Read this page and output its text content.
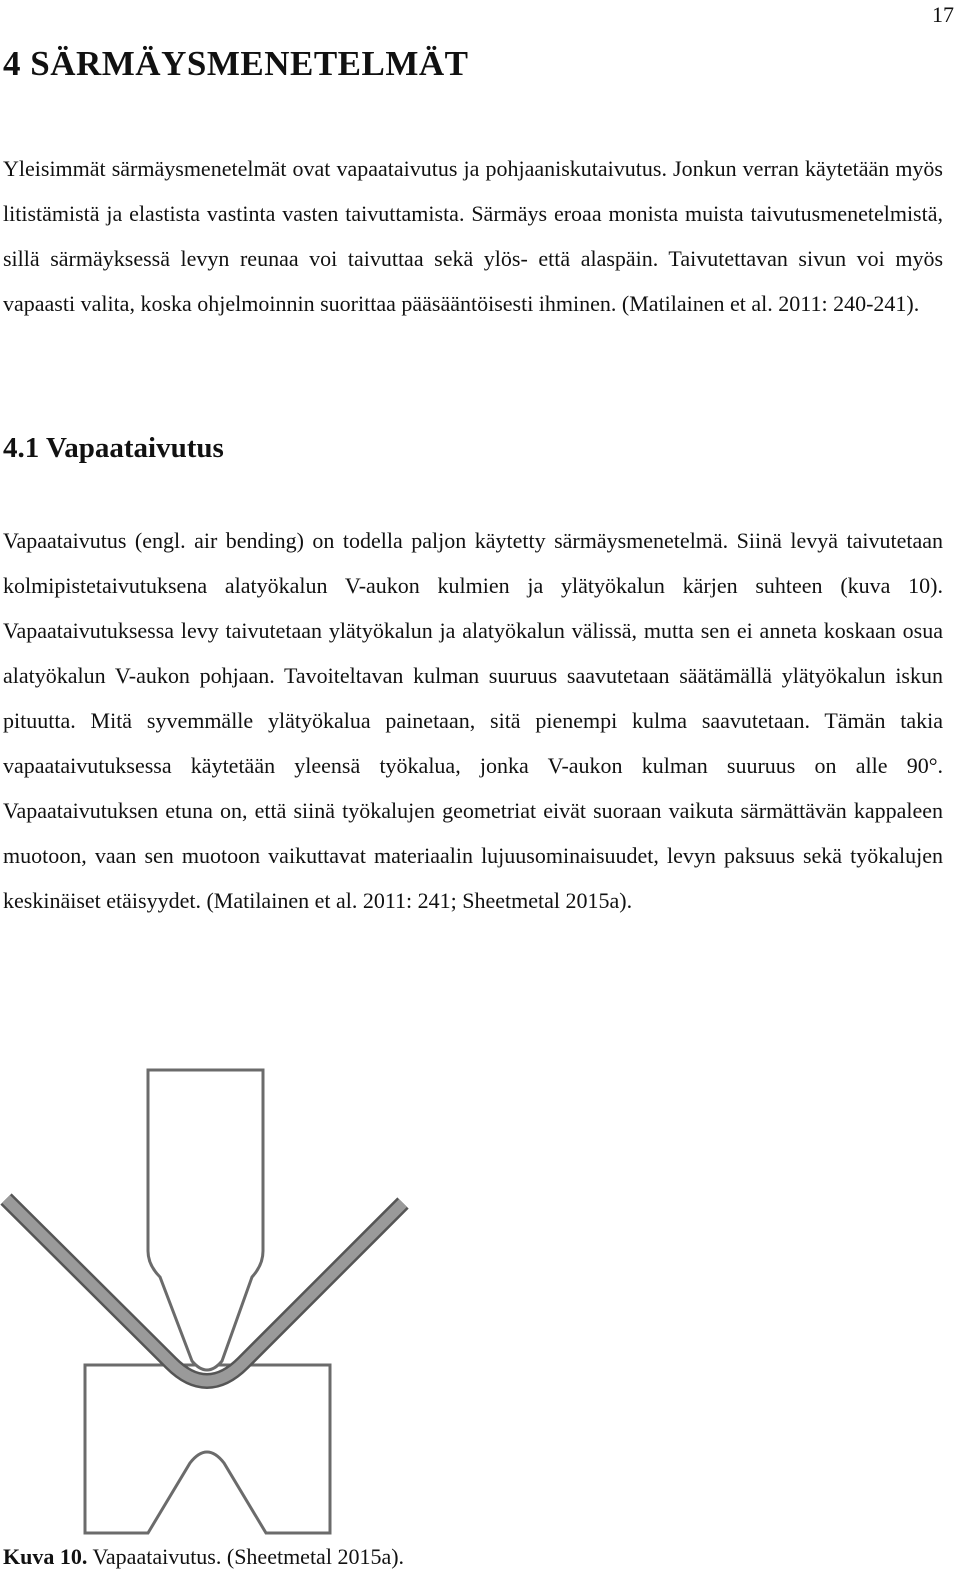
17
4 SÄRMÄYSMENETELMÄT

Yleisimmät särmäysmenetelmät ovat vapaataivutus ja pohjaaniskutaivutus. Jonkun verran käytetään myös litistämistä ja elastista vastinta vasten taivuttamista. Särmäys eroaa monista muista taivutusmenetelmistä, sillä särmäyksessä levyn reunaa voi taivuttaa sekä ylös- että alaspäin. Taivutettavan sivun voi myös vapaasti valita, koska ohjelmoinnin suorittaa pääsääntöisesti ihminen. (Matilainen et al. 2011: 240-241).

4.1 Vapaataivutus

Vapaataivutus (engl. air bending) on todella paljon käytetty särmäysmenetelmä. Siinä levyä taivutetaan kolmipistetaivutuksena alatyökalun V-aukon kulmien ja ylätyökalun kärjen suhteen (kuva 10). Vapaataivutuksessa levy taivutetaan ylätyökalun ja alatyökalun välissä, mutta sen ei anneta koskaan osua alatyökalun V-aukon pohjaan. Tavoiteltavan kulman suuruus saavutetaan säätämällä ylätyökalun iskun pituutta. Mitä syvemmälle ylätyökalua painetaan, sitä pienempi kulma saavutetaan. Tämän takia vapaataivutuksessa käytetään yleensä työkalua, jonka V-aukon kulman suuruus on alle 90°. Vapaataivutuksen etuna on, että siinä työkalujen geometriat eivät suoraan vaikuta särmättävän kappaleen muotoon, vaan sen muotoon vaikuttavat materiaalin lujuusominaisuudet, levyn paksuus sekä työkalujen keskinäiset etäisyydet. (Matilainen et al. 2011: 241; Sheetmetal 2015a).

Kuva 10. Vapaataivutus. (Sheetmetal 2015a).
